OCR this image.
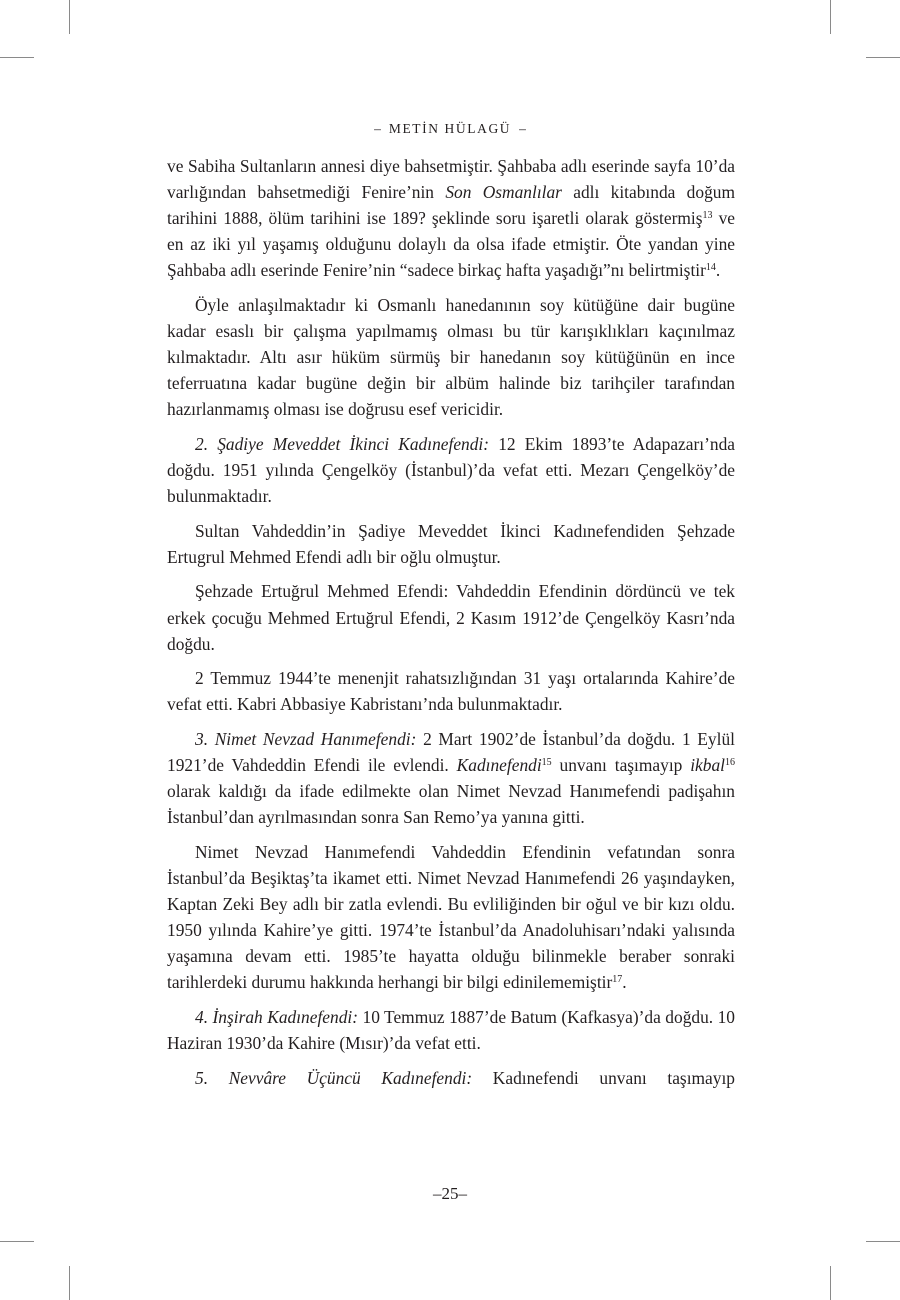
– METİN HÜLAGÜ –

ve Sabiha Sultanların annesi diye bahsetmiştir. Şahbaba adlı eserinde sayfa 10’da varlığından bahsetmediği Fenire’nin Son Osmanlılar adlı kitabında doğum tarihini 1888, ölüm tarihini ise 189? şeklinde soru işaretli olarak göstermiş$^{13}$ ve en az iki yıl yaşamış olduğunu dolaylı da olsa ifade etmiştir. Öte yandan yine Şahbaba adlı eserinde Fenire’nin “sadece birkaç hafta yaşadığı”nı belirtmiştir$^{14}$.

Öyle anlaşılmaktadır ki Osmanlı hanedanının soy kütüğüne dair bugüne kadar esaslı bir çalışma yapılmamış olması bu tür karışıklıkları kaçınılmaz kılmaktadır. Altı asır hüküm sürmüş bir hanedanın soy kütüğünün en ince teferruatına kadar bugüne değin bir albüm halinde biz tarihçiler tarafından hazırlanmamış olması ise doğrusu esef vericidir.

2. Şadiye Meveddet İkinci Kadınefendi: 12 Ekim 1893’te Adapazarı’nda doğdu. 1951 yılında Çengelköy (İstanbul)’da vefat etti. Mezarı Çengelköy’de bulunmaktadır.

Sultan Vahdeddin’in Şadiye Meveddet İkinci Kadınefendiden Şehzade Ertugrul Mehmed Efendi adlı bir oğlu olmuştur.

Şehzade Ertuğrul Mehmed Efendi: Vahdeddin Efendinin dördüncü ve tek erkek çocuğu Mehmed Ertuğrul Efendi, 2 Kasım 1912’de Çengelköy Kasrı’nda doğdu.

2 Temmuz 1944’te menenjit rahatsızlığından 31 yaşı ortalarında Kahire’de vefat etti. Kabri Abbasiye Kabristanı’nda bulunmaktadır.

3. Nimet Nevzad Hanımefendi: 2 Mart 1902’de İstanbul’da doğdu. 1 Eylül 1921’de Vahdeddin Efendi ile evlendi. Kadınefendi$^{15}$ unvanı taşımayıp ikbal$^{16}$ olarak kaldığı da ifade edilmekte olan Nimet Nevzad Hanımefendi padişahın İstanbul’dan ayrılmasından sonra San Remo’ya yanına gitti.

Nimet Nevzad Hanımefendi Vahdeddin Efendinin vefatından sonra İstanbul’da Beşiktaş’ta ikamet etti. Nimet Nevzad Hanımefendi 26 yaşındayken, Kaptan Zeki Bey adlı bir zatla evlendi. Bu evliliğinden bir oğul ve bir kızı oldu. 1950 yılında Kahire’ye gitti. 1974’te İstanbul’da Anadoluhisarı’ndaki yalısında yaşamına devam etti. 1985’te hayatta olduğu bilinmekle beraber sonraki tarihlerdeki durumu hakkında herhangi bir bilgi edinilememiştir$^{17}$.

4. İnşirah Kadınefendi: 10 Temmuz 1887’de Batum (Kafkasya)’da doğdu. 10 Haziran 1930’da Kahire (Mısır)’da vefat etti.

5. Nevvâre Üçüncü Kadınefendi: Kadınefendi unvanı taşımayıp

–25–
